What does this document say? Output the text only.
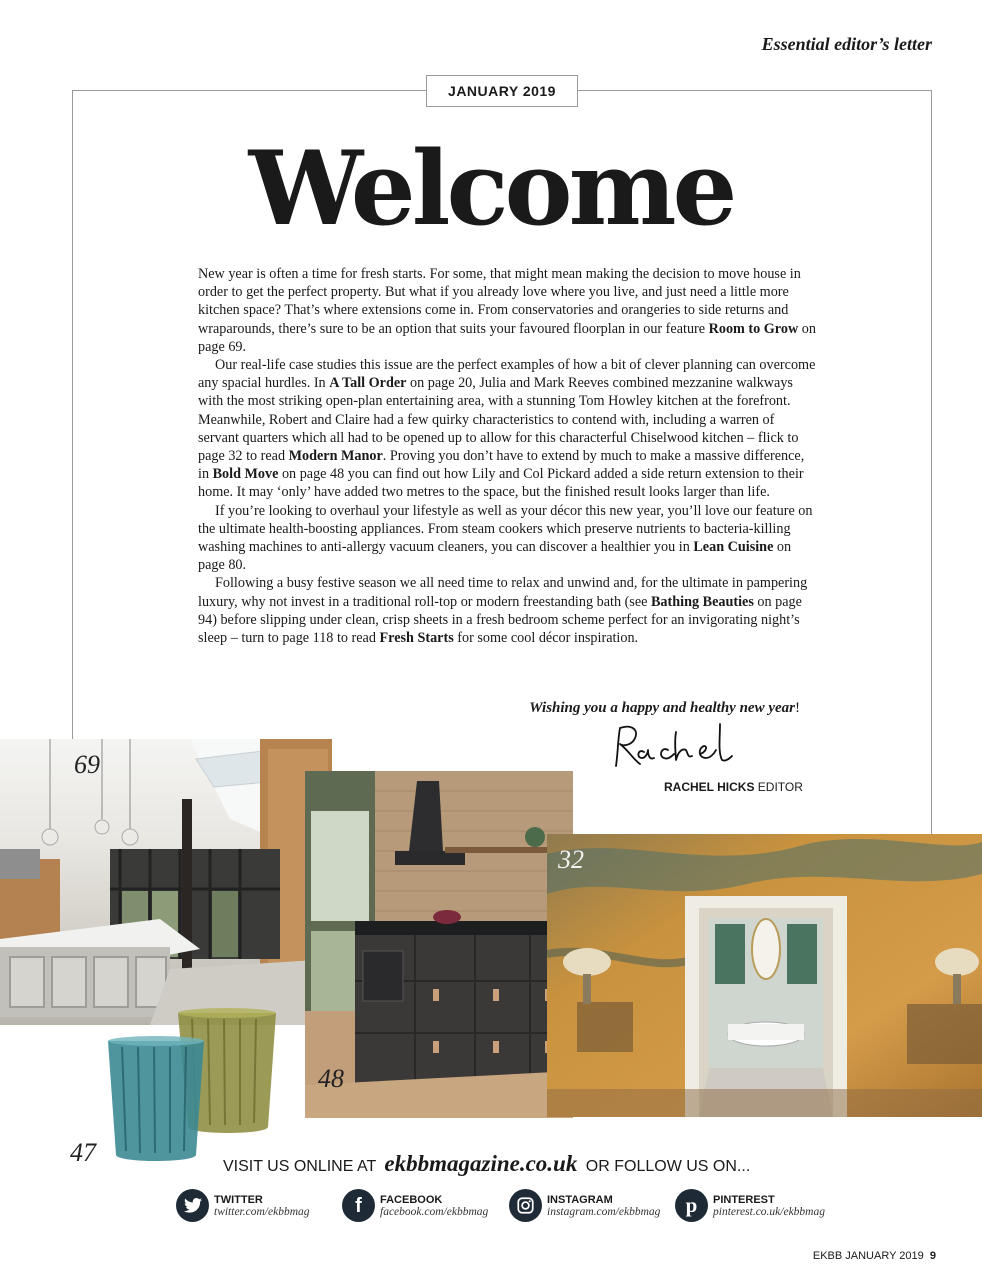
Essential editor’s letter
JANUARY 2019
Welcome

New year is often a time for fresh starts. For some, that might mean making the decision to move house in order to get the perfect property. But what if you already love where you live, and just need a little more kitchen space? That’s where extensions come in. From conservatories and orangeries to side returns and wraparounds, there’s sure to be an option that suits your favoured floorplan in our feature Room to Grow on page 69.

Our real-life case studies this issue are the perfect examples of how a bit of clever planning can overcome any spacial hurdles. In A Tall Order on page 20, Julia and Mark Reeves combined mezzanine walkways with the most striking open-plan entertaining area, with a stunning Tom Howley kitchen at the forefront. Meanwhile, Robert and Claire had a few quirky characteristics to contend with, including a warren of servant quarters which all had to be opened up to allow for this characterful Chiselwood kitchen – flick to page 32 to read Modern Manor. Proving you don’t have to extend by much to make a massive difference, in Bold Move on page 48 you can find out how Lily and Col Pickard added a side return extension to their home. It may ‘only’ have added two metres to the space, but the finished result looks larger than life.

If you’re looking to overhaul your lifestyle as well as your décor this new year, you’ll love our feature on the ultimate health-boosting appliances. From steam cookers which preserve nutrients to bacteria-killing washing machines to anti-allergy vacuum cleaners, you can discover a healthier you in Lean Cuisine on page 80.

Following a busy festive season we all need time to relax and unwind and, for the ultimate in pampering luxury, why not invest in a traditional roll-top or modern freestanding bath (see Bathing Beauties on page 94) before slipping under clean, crisp sheets in a fresh bedroom scheme perfect for an invigorating night’s sleep – turn to page 118 to read Fresh Starts for some cool décor inspiration.

Wishing you a happy and healthy new year!
RACHEL HICKS EDITOR
69
48
32
47	VISIT US ONLINE AT ekbbmagazine.co.uk OR FOLLOW US ON...
TWITTER
twitter.com/ekbbmag f FACEBOOK
facebook.com/ekbbmag
INSTAGRAM
instagram.com/ekbbmag p PINTEREST
pinterest.co.uk/ekbbmag
EKBB JANUARY 2019 9
